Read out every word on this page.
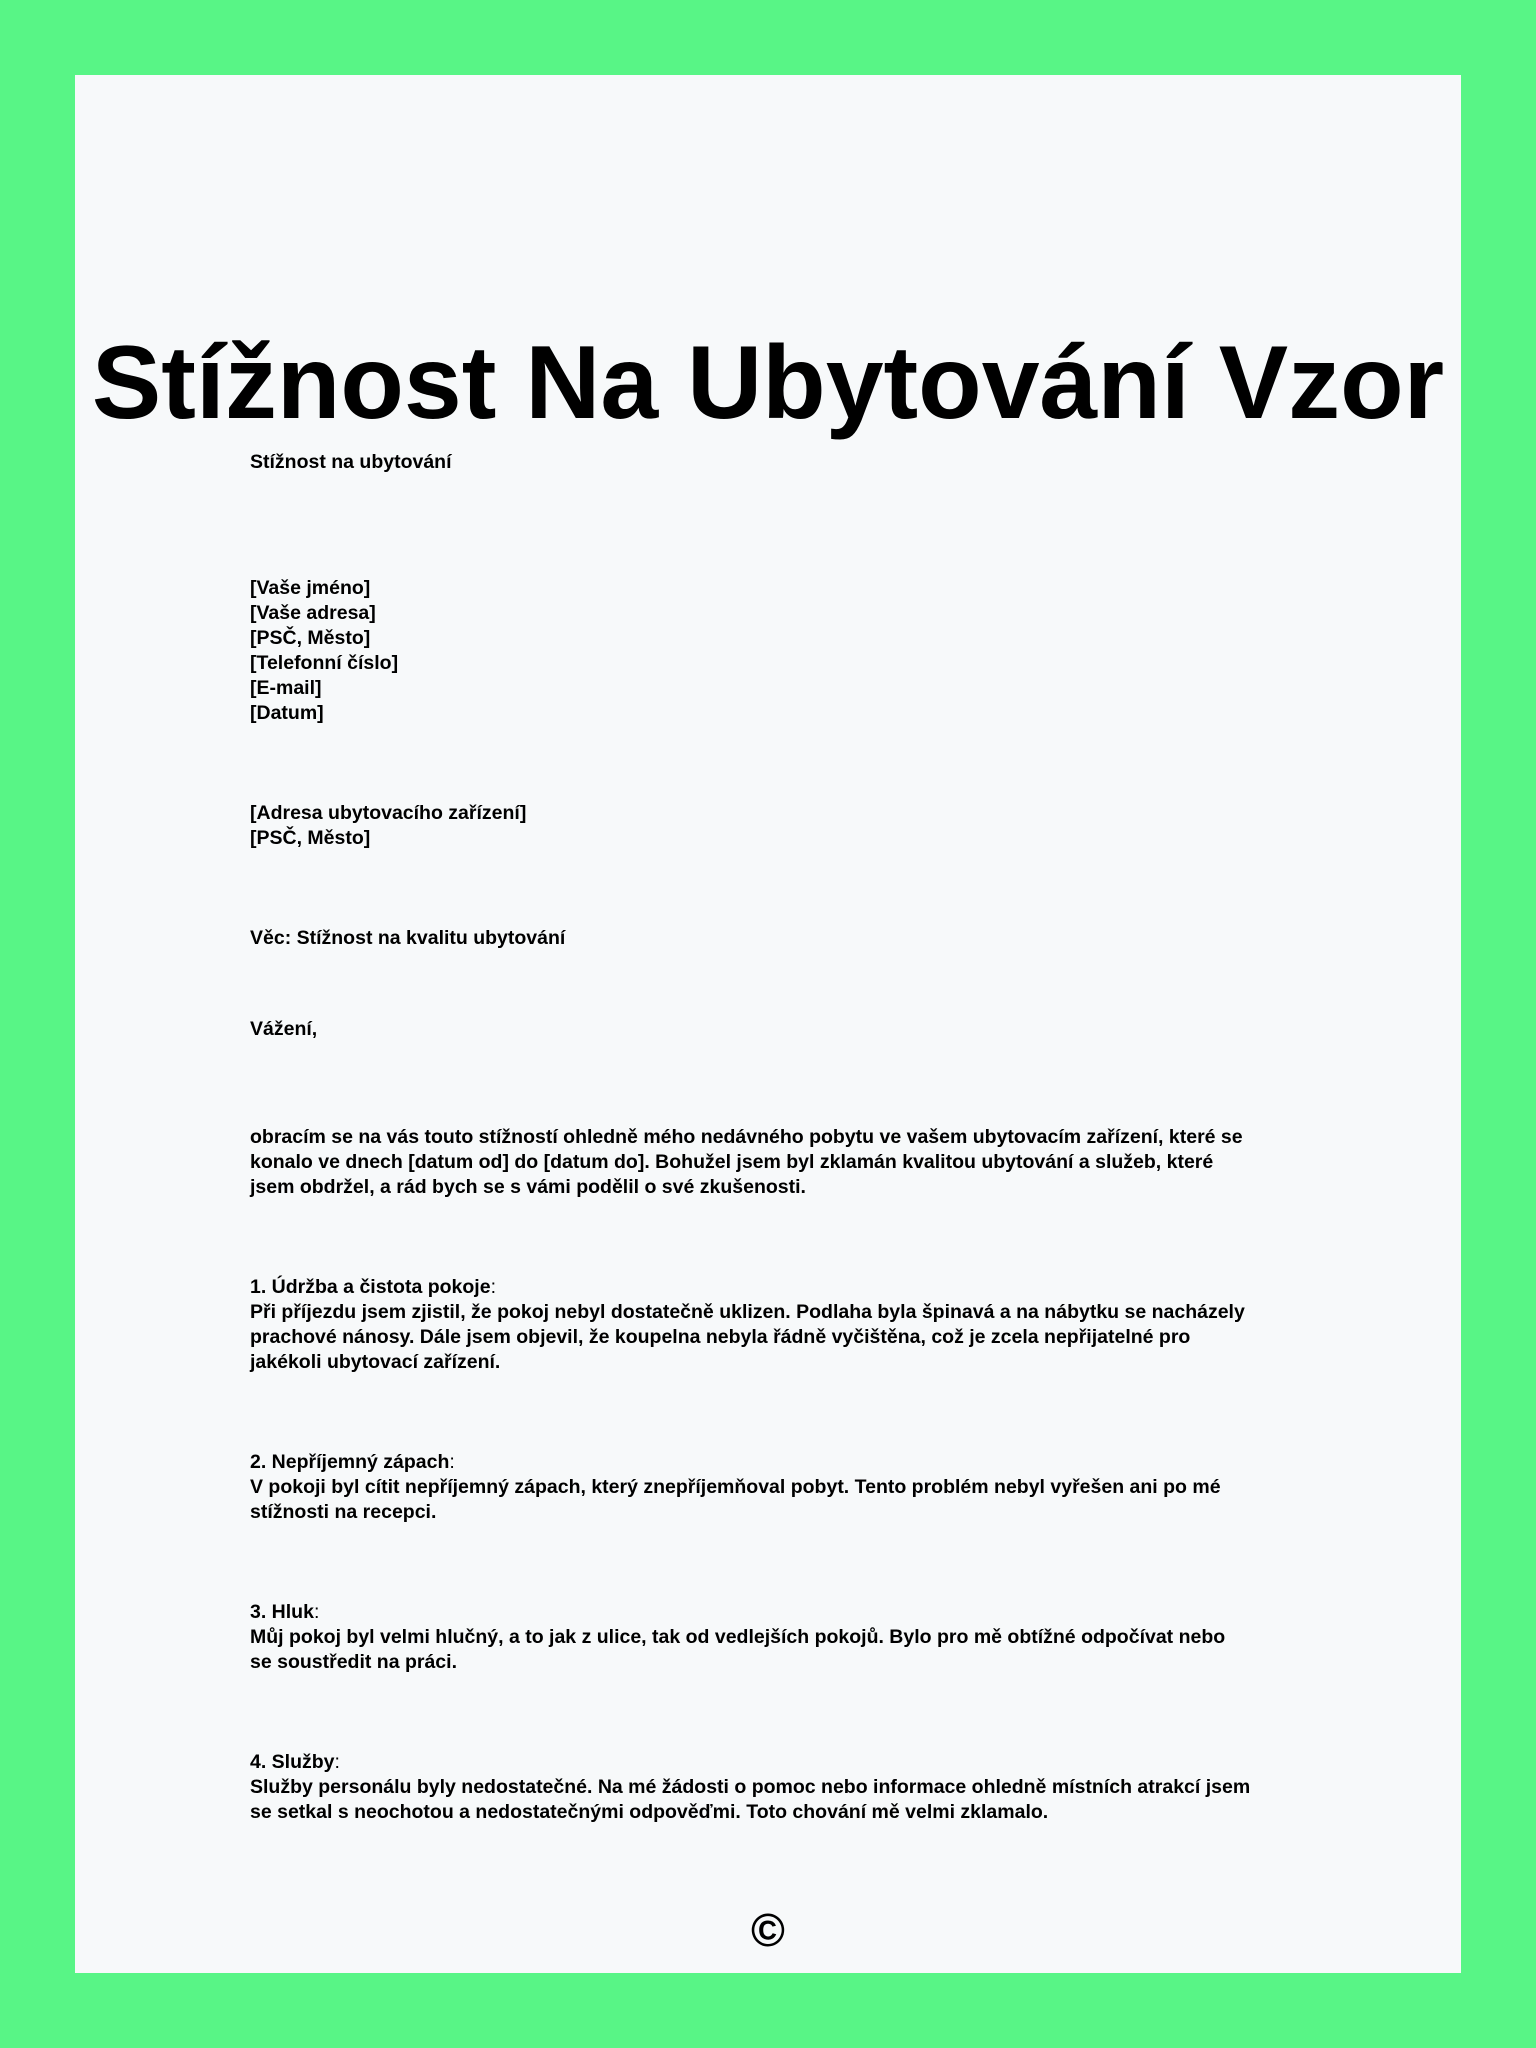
Stížnost Na Ubytování Vzor

Stížnost na ubytování

[Vaše jméno]

[Vaše adresa]

[PSČ, Město]

[Telefonní číslo]

[E-mail]

[Datum]

[Adresa ubytovacího zařízení]

[PSČ, Město]

Věc: Stížnost na kvalitu ubytování

Vážení,

obracím se na vás touto stížností ohledně mého nedávného pobytu ve vašem ubytovacím zařízení, které se
konalo ve dnech [datum od] do [datum do]. Bohužel jsem byl zklamán kvalitou ubytování a služeb, které
jsem obdržel, a rád bych se s vámi podělil o své zkušenosti.
1. Údržba a čistota pokoje:
Při příjezdu jsem zjistil, že pokoj nebyl dostatečně uklizen. Podlaha byla špinavá a na nábytku se nacházely
prachové nánosy. Dále jsem objevil, že koupelna nebyla řádně vyčištěna, což je zcela nepřijatelné pro
jakékoli ubytovací zařízení.
2. Nepříjemný zápach:
V pokoji byl cítit nepříjemný zápach, který znepříjemňoval pobyt. Tento problém nebyl vyřešen ani po mé
stížnosti na recepci.
3. Hluk:
Můj pokoj byl velmi hlučný, a to jak z ulice, tak od vedlejších pokojů. Bylo pro mě obtížné odpočívat nebo
se soustředit na práci.
4. Služby:
Služby personálu byly nedostatečné. Na mé žádosti o pomoc nebo informace ohledně místních atrakcí jsem
se setkal s neochotou a nedostatečnými odpověďmi. Toto chování mě velmi zklamalo.
©
